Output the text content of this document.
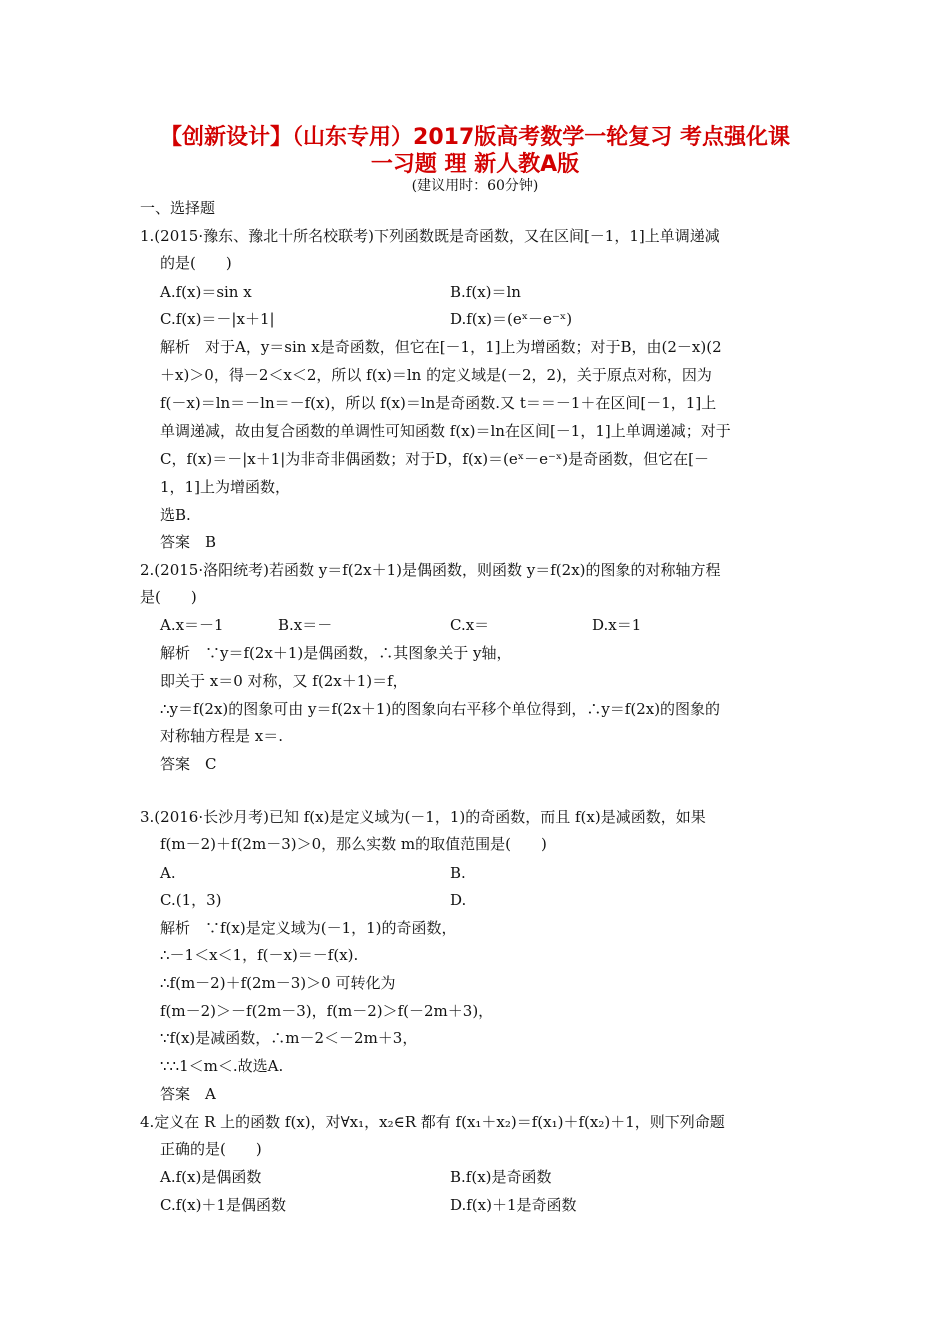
【创新设计】（山东专用）2017版高考数学一轮复习 考点强化课
一习题 理 新人教A版
(建议用时：60分钟)
一、选择题
1.(2015·豫东、豫北十所名校联考)下列函数既是奇函数，又在区间[－1，1]上单调递减
的是(　　)
A.f(x)＝sin x	B.f(x)＝ln
C.f(x)＝－|x＋1|	D.f(x)＝(eˣ－e⁻ˣ)
解析　对于A，y＝sin x是奇函数，但它在[－1，1]上为增函数；对于B，由(2－x)(2
＋x)＞0，得－2＜x＜2，所以 f(x)＝ln 的定义域是(－2，2)，关于原点对称，因为
f(－x)＝ln＝－ln＝－f(x)，所以 f(x)＝ln是奇函数.又 t＝＝－1＋在区间[－1，1]上
单调递减，故由复合函数的单调性可知函数 f(x)＝ln在区间[－1，1]上单调递减；对于
C，f(x)＝－|x＋1|为非奇非偶函数；对于D，f(x)＝(eˣ－e⁻ˣ)是奇函数，但它在[－
1，1]上为增函数，
选B.
答案　B
2.(2015·洛阳统考)若函数 y＝f(2x＋1)是偶函数，则函数 y＝f(2x)的图象的对称轴方程
是(　　)
A.x＝－1	B.x＝－	C.x＝	D.x＝1
解析　∵y＝f(2x＋1)是偶函数，∴其图象关于 y轴，
即关于 x＝0 对称，又 f(2x＋1)＝f，
∴y＝f(2x)的图象可由 y＝f(2x＋1)的图象向右平移个单位得到，∴y＝f(2x)的图象的
对称轴方程是 x＝.
答案　C
3.(2016·长沙月考)已知 f(x)是定义域为(－1，1)的奇函数，而且 f(x)是减函数，如果
f(m－2)＋f(2m－3)＞0，那么实数 m的取值范围是(　　)
A.	B.
C.(1，3)	D.
解析　∵f(x)是定义域为(－1，1)的奇函数，
∴－1＜x＜1，f(－x)＝－f(x).
∴f(m－2)＋f(2m－3)＞0 可转化为
f(m－2)＞－f(2m－3)，f(m－2)＞f(－2m＋3)，
∵f(x)是减函数，∴m－2＜－2m＋3，
∵∴1＜m＜.故选A.
答案　A
4.定义在 R 上的函数 f(x)，对∀x₁，x₂∈R 都有 f(x₁＋x₂)＝f(x₁)＋f(x₂)＋1，则下列命题
正确的是(　　)
A.f(x)是偶函数	B.f(x)是奇函数
C.f(x)＋1是偶函数	D.f(x)＋1是奇函数
